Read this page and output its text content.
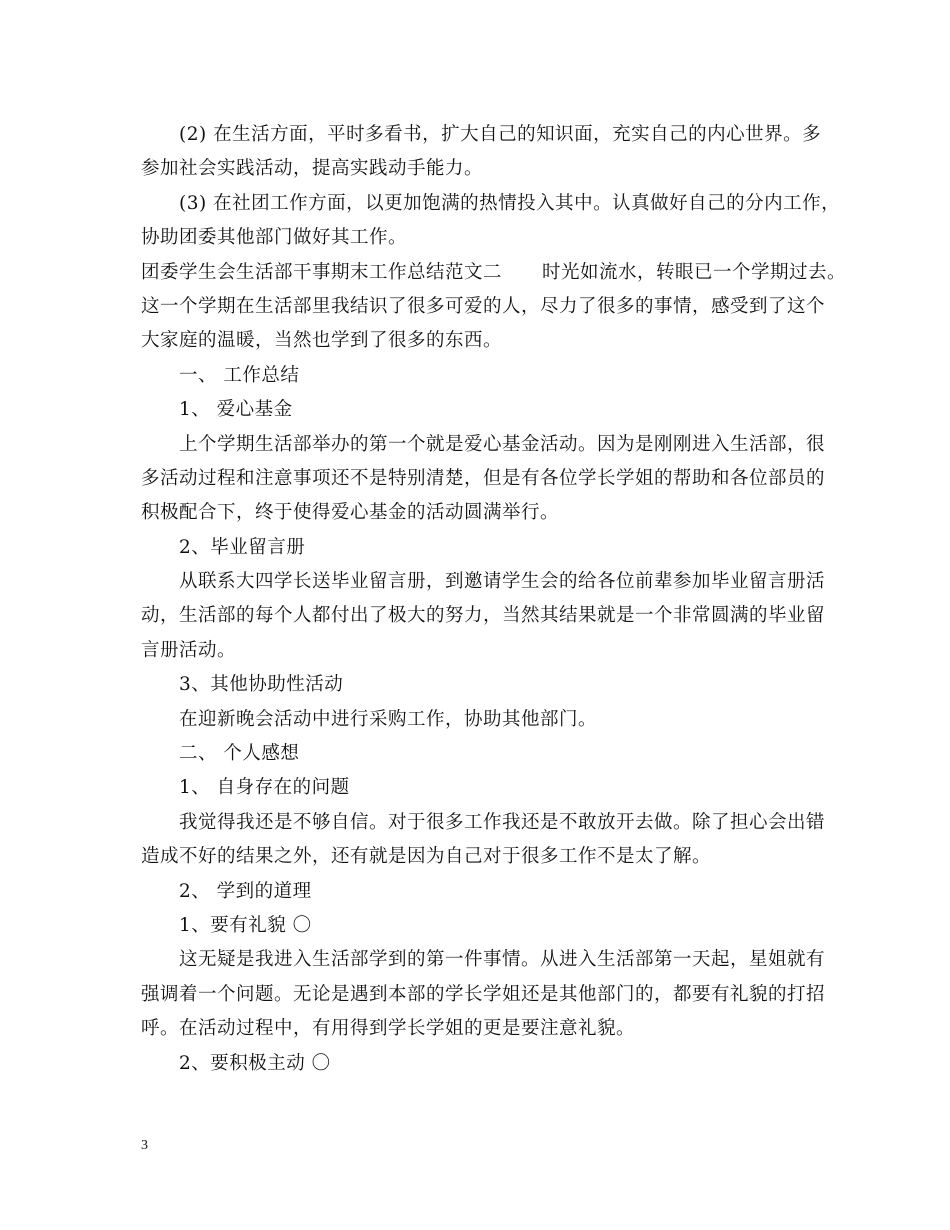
(2) 在生活方面，平时多看书，扩大自己的知识面，充实自己的内心世界。多
参加社会实践活动，提高实践动手能力。
(3) 在社团工作方面，以更加饱满的热情投入其中。认真做好自己的分内工作，
协助团委其他部门做好其工作。
团委学生会生活部干事期末工作总结范文二 时光如流水，转眼已一个学期过去。
这一个学期在生活部里我结识了很多可爱的人，尽力了很多的事情，感受到了这个
大家庭的温暖，当然也学到了很多的东西。
一、 工作总结
1、 爱心基金
上个学期生活部举办的第一个就是爱心基金活动。因为是刚刚进入生活部，很
多活动过程和注意事项还不是特别清楚，但是有各位学长学姐的帮助和各位部员的
积极配合下，终于使得爱心基金的活动圆满举行。
2、毕业留言册
从联系大四学长送毕业留言册，到邀请学生会的给各位前辈参加毕业留言册活
动，生活部的每个人都付出了极大的努力，当然其结果就是一个非常圆满的毕业留
言册活动。
3、其他协助性活动
在迎新晚会活动中进行采购工作，协助其他部门。
二、 个人感想
1、 自身存在的问题
我觉得我还是不够自信。对于很多工作我还是不敢放开去做。除了担心会出错
造成不好的结果之外，还有就是因为自己对于很多工作不是太了解。
2、 学到的道理
1、要有礼貌 〇
这无疑是我进入生活部学到的第一件事情。从进入生活部第一天起，星姐就有
强调着一个问题。无论是遇到本部的学长学姐还是其他部门的，都要有礼貌的打招
呼。在活动过程中，有用得到学长学姐的更是要注意礼貌。
2、要积极主动 〇
3
